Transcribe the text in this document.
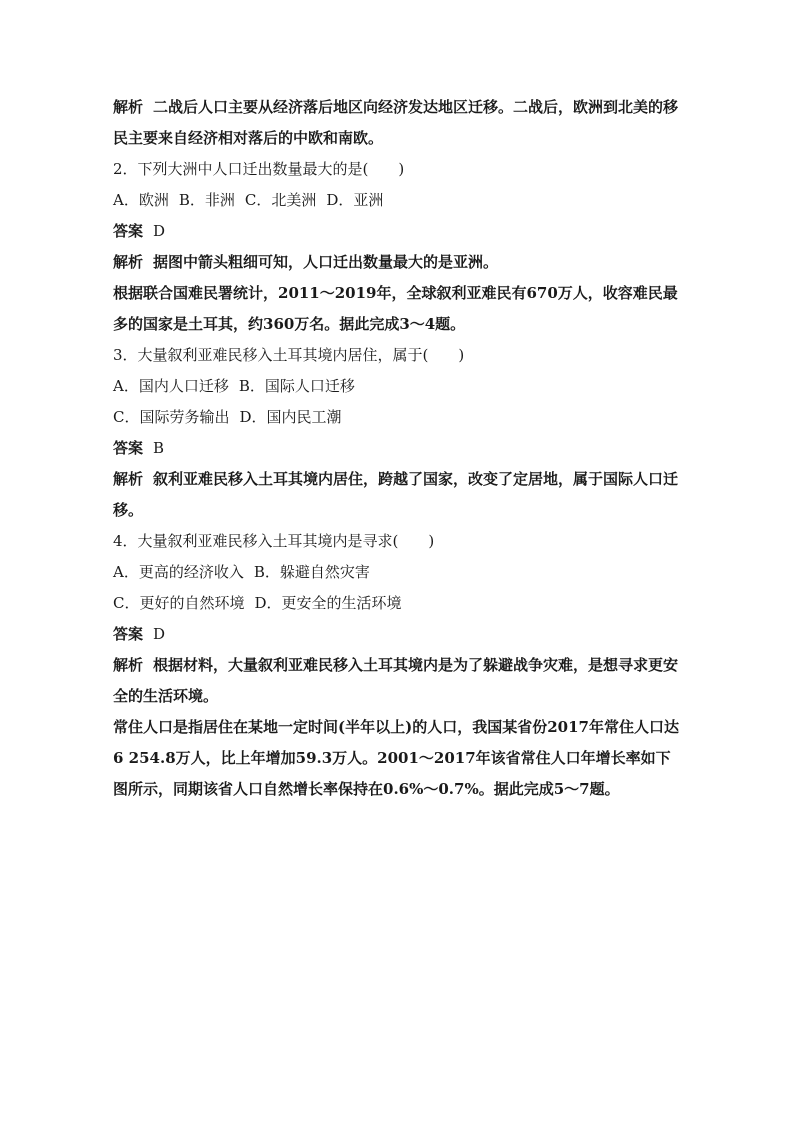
解析 二战后人口主要从经济落后地区向经济发达地区迁移。二战后，欧洲到北美的移民主要来自经济相对落后的中欧和南欧。

2．下列大洲中人口迁出数量最大的是(　　)

A．欧洲 B．非洲 C．北美洲 D．亚洲

答案 D

解析 据图中箭头粗细可知，人口迁出数量最大的是亚洲。

根据联合国难民署统计，2011～2019年，全球叙利亚难民有670万人，收容难民最多的国家是土耳其，约360万名。据此完成3～4题。

3．大量叙利亚难民移入土耳其境内居住，属于(　　)

A．国内人口迁移 B．国际人口迁移

C．国际劳务输出 D．国内民工潮

答案 B

解析 叙利亚难民移入土耳其境内居住，跨越了国家，改变了定居地，属于国际人口迁移。

4．大量叙利亚难民移入土耳其境内是寻求(　　)

A．更高的经济收入 B．躲避自然灾害

C．更好的自然环境 D．更安全的生活环境

答案 D

解析 根据材料，大量叙利亚难民移入土耳其境内是为了躲避战争灾难，是想寻求更安全的生活环境。

常住人口是指居住在某地一定时间(半年以上)的人口，我国某省份2017年常住人口达6 254.8万人，比上年增加59.3万人。2001～2017年该省常住人口年增长率如下图所示，同期该省人口自然增长率保持在0.6%～0.7%。据此完成5～7题。
